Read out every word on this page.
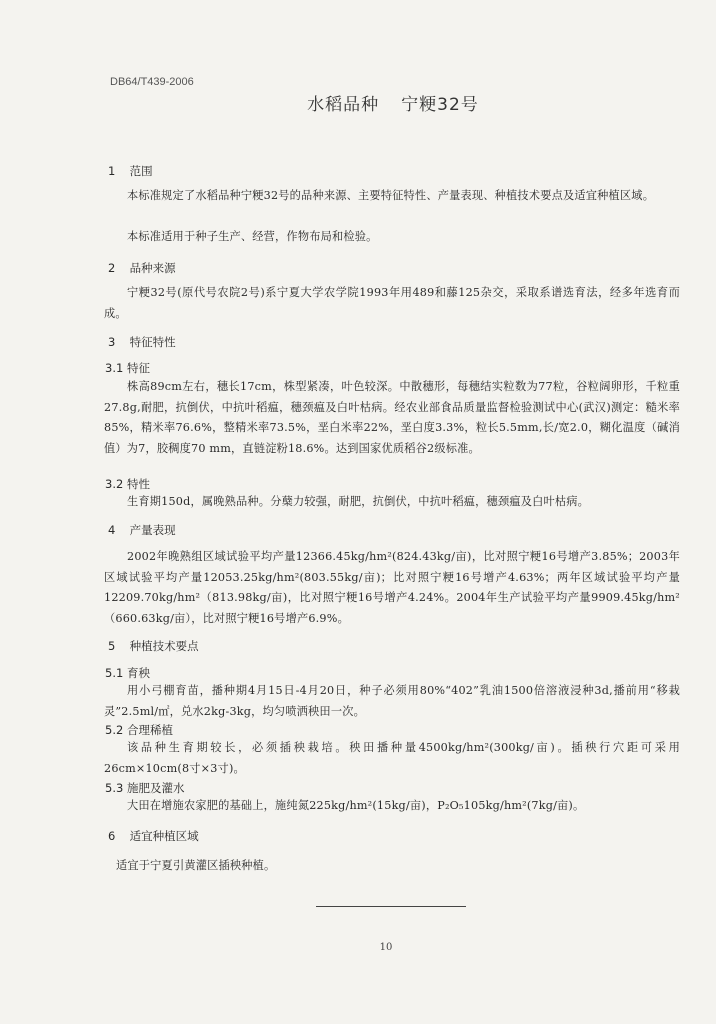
DB64/T439-2006
水稻品种 宁粳32号
1 范围
本标准规定了水稻品种宁粳32号的品种来源、主要特征特性、产量表现、种植技术要点及适宜种植区域。
本标准适用于种子生产、经营，作物布局和检验。
2 品种来源
宁粳32号(原代号农院2号)系宁夏大学农学院1993年用489和藤125杂交，采取系谱选育法，经多年选育而成。
3 特征特性
3.1 特征
株高89cm左右，穗长17cm，株型紧凑，叶色较深。中散穗形，每穗结实粒数为77粒，谷粒阔卵形，千粒重27.8g,耐肥，抗倒伏，中抗叶稻瘟，穗颈瘟及白叶枯病。经农业部食品质量监督检验测试中心(武汉)测定：糙米率85%，精米率76.6%，整精米率73.5%，垩白米率22%，垩白度3.3%，粒长5.5mm,长/宽2.0，糊化温度（碱消值）为7，胶稠度70 mm，直链淀粉18.6%。达到国家优质稻谷2级标准。
3.2 特性
生育期150d，属晚熟品种。分蘖力较强，耐肥，抗倒伏，中抗叶稻瘟，穗颈瘟及白叶枯病。
4 产量表现
2002年晚熟组区域试验平均产量12366.45kg/hm²(824.43kg/亩)，比对照宁粳16号增产3.85%；2003年区域试验平均产量12053.25kg/hm²(803.55kg/亩)；比对照宁粳16号增产4.63%；两年区域试验平均产量12209.70kg/hm²（813.98kg/亩)，比对照宁粳16号增产4.24%。2004年生产试验平均产量9909.45kg/hm²（660.63kg/亩），比对照宁粳16号增产6.9%。
5 种植技术要点
5.1 育秧
用小弓棚育苗，播种期4月15日-4月20日，种子必须用80%“402”乳油1500倍溶液浸种3d,播前用“移栽灵”2.5ml/㎡，兑水2kg-3kg，均匀喷洒秧田一次。
5.2 合理稀植
该品种生育期较长，必须插秧栽培。秧田播种量4500kg/hm²(300kg/亩)。插秧行穴距可采用26cm×10cm(8寸×3寸)。
5.3 施肥及灌水
大田在增施农家肥的基础上，施纯氮225kg/hm²(15kg/亩)，P₂O₅105kg/hm²(7kg/亩)。
6 适宜种植区域
适宜于宁夏引黄灌区插秧种植。
10
